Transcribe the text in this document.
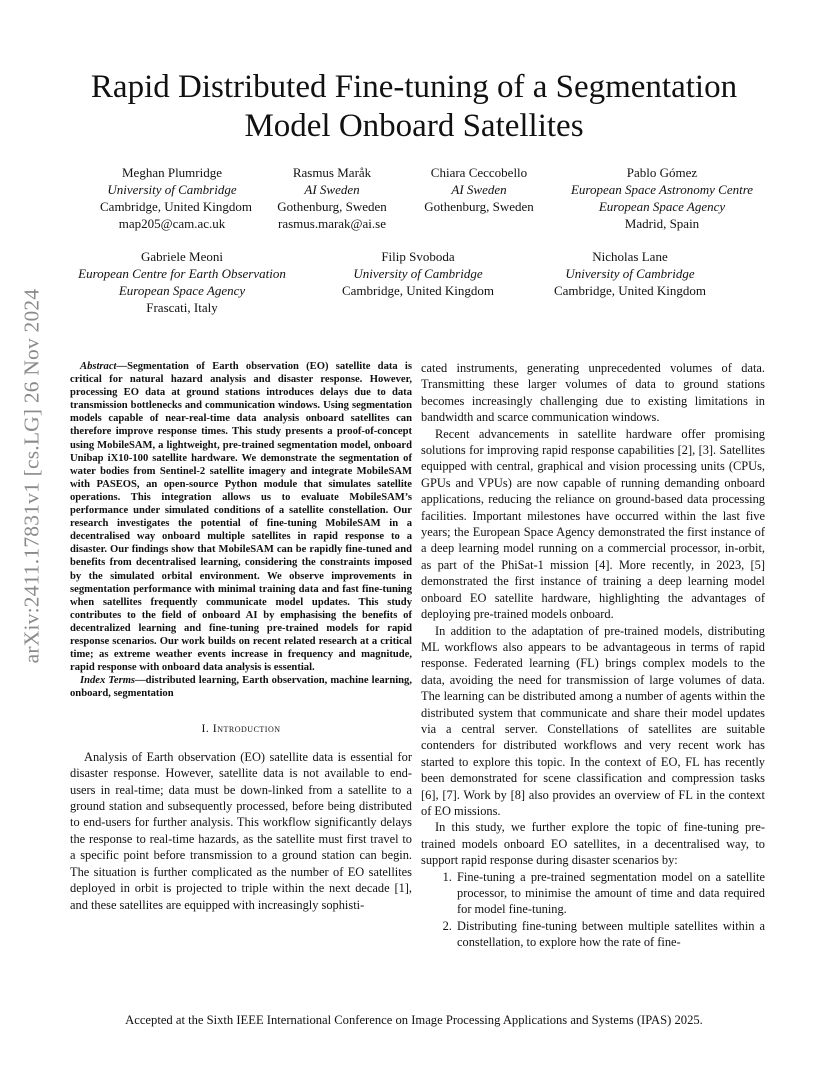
arXiv:2411.17831v1 [cs.LG] 26 Nov 2024
Rapid Distributed Fine-tuning of a Segmentation Model Onboard Satellites
Meghan Plumridge
University of Cambridge
Cambridge, United Kingdom
map205@cam.ac.uk
Rasmus Maråk
AI Sweden
Gothenburg, Sweden
rasmus.marak@ai.se
Chiara Ceccobello
AI Sweden
Gothenburg, Sweden
Pablo Gómez
European Space Astronomy Centre
European Space Agency
Madrid, Spain
Gabriele Meoni
European Centre for Earth Observation
European Space Agency
Frascati, Italy
Filip Svoboda
University of Cambridge
Cambridge, United Kingdom
Nicholas Lane
University of Cambridge
Cambridge, United Kingdom

Abstract—Segmentation of Earth observation (EO) satellite data is critical for natural hazard analysis and disaster response. However, processing EO data at ground stations introduces delays due to data transmission bottlenecks and communication windows. Using segmentation models capable of near-real-time data analysis onboard satellites can therefore improve response times. This study presents a proof-of-concept using MobileSAM, a lightweight, pre-trained segmentation model, onboard Unibap iX10-100 satellite hardware. We demonstrate the segmentation of water bodies from Sentinel-2 satellite imagery and integrate MobileSAM with PASEOS, an open-source Python module that simulates satellite operations. This integration allows us to evaluate MobileSAM’s performance under simulated conditions of a satellite constellation. Our research investigates the potential of fine-tuning MobileSAM in a decentralised way onboard multiple satellites in rapid response to a disaster. Our findings show that MobileSAM can be rapidly fine-tuned and benefits from decentralised learning, considering the constraints imposed by the simulated orbital environment. We observe improvements in segmentation performance with minimal training data and fast fine-tuning when satellites frequently communicate model updates. This study contributes to the field of onboard AI by emphasising the benefits of decentralized learning and fine-tuning pre-trained models for rapid response scenarios. Our work builds on recent related research at a critical time; as extreme weather events increase in frequency and magnitude, rapid response with onboard data analysis is essential.

Index Terms—distributed learning, Earth observation, machine learning, onboard, segmentation

I. Introduction

Analysis of Earth observation (EO) satellite data is essential for disaster response. However, satellite data is not available to end-users in real-time; data must be down-linked from a satellite to a ground station and subsequently processed, before being distributed to end-users for further analysis. This workflow significantly delays the response to real-time hazards, as the satellite must first travel to a specific point before transmission to a ground station can begin. The situation is further complicated as the number of EO satellites deployed in orbit is projected to triple within the next decade [1], and these satellites are equipped with increasingly sophisti-

cated instruments, generating unprecedented volumes of data. Transmitting these larger volumes of data to ground stations becomes increasingly challenging due to existing limitations in bandwidth and scarce communication windows.

Recent advancements in satellite hardware offer promising solutions for improving rapid response capabilities [2], [3]. Satellites equipped with central, graphical and vision processing units (CPUs, GPUs and VPUs) are now capable of running demanding onboard applications, reducing the reliance on ground-based data processing facilities. Important milestones have occurred within the last five years; the European Space Agency demonstrated the first instance of a deep learning model running on a commercial processor, in-orbit, as part of the PhiSat-1 mission [4]. More recently, in 2023, [5] demonstrated the first instance of training a deep learning model onboard EO satellite hardware, highlighting the advantages of deploying pre-trained models onboard.

In addition to the adaptation of pre-trained models, distributing ML workflows also appears to be advantageous in terms of rapid response. Federated learning (FL) brings complex models to the data, avoiding the need for transmission of large volumes of data. The learning can be distributed among a number of agents within the distributed system that communicate and share their model updates via a central server. Constellations of satellites are suitable contenders for distributed workflows and very recent work has started to explore this topic. In the context of EO, FL has recently been demonstrated for scene classification and compression tasks [6], [7]. Work by [8] also provides an overview of FL in the context of EO missions.

In this study, we further explore the topic of fine-tuning pre-trained models onboard EO satellites, in a decentralised way, to support rapid response during disaster scenarios by:

1. Fine-tuning a pre-trained segmentation model on a satellite processor, to minimise the amount of time and data required for model fine-tuning.
2. Distributing fine-tuning between multiple satellites within a constellation, to explore how the rate of fine-
Accepted at the Sixth IEEE International Conference on Image Processing Applications and Systems (IPAS) 2025.
